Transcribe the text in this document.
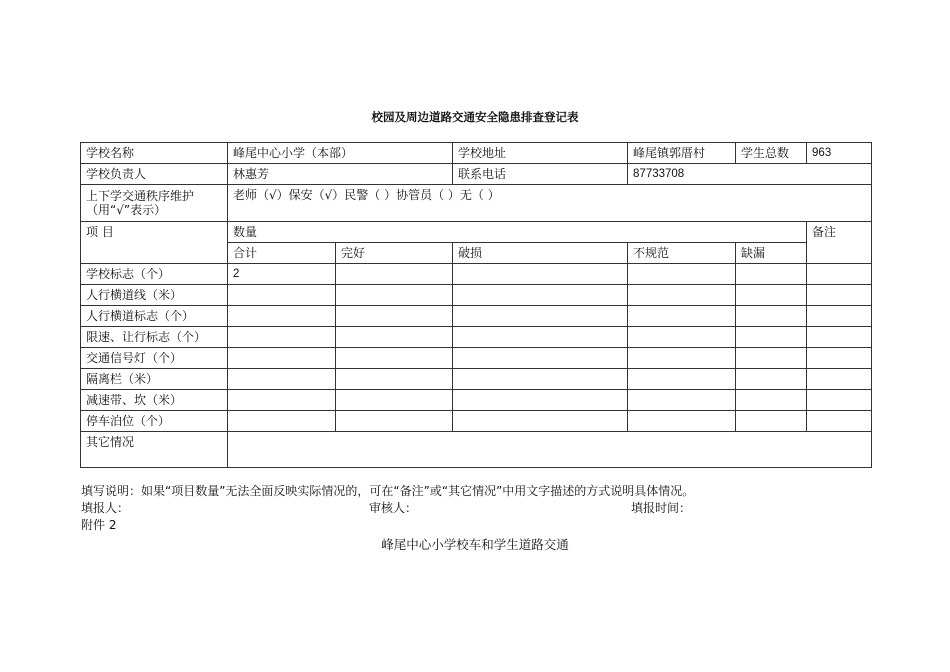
校园及周边道路交通安全隐患排查登记表
学校名称	峰尾中心小学（本部）		学校地址	峰尾镇郭厝村	学生总数	963
学校负责人	林惠芳		联系电话	87733708		
上下学交通秩序维护（用“√”表示）	老师（√）保安（√）民警（ ）协管员（ ）无（ ）					
项 目	数量					备注
	合计	完好	破损	不规范	缺漏	
学校标志（个）	2					
人行横道线（米）						
人行横道标志（个）						
限速、让行标志（个）						
交通信号灯（个）						
隔离栏（米）						
减速带、坎（米）						
停车泊位（个）						
其它情况						
填写说明：如果“项目数量”无法全面反映实际情况的，可在“备注”或“其它情况”中用文字描述的方式说明具体情况。
填报人：	审核人：	填报时间：
附件 2
峰尾中心小学校车和学生道路交通
